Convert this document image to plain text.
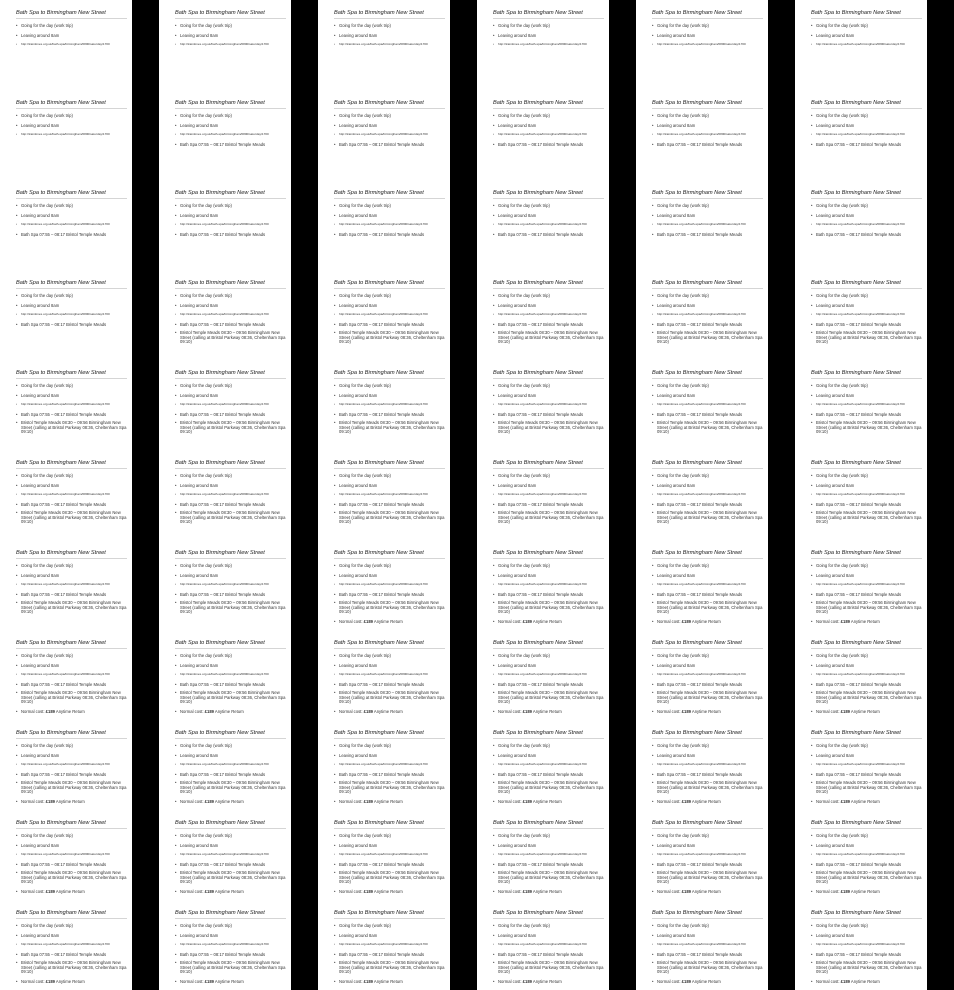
Bath Spa to Birmingham New Street
• Going for the day (work trip)
• Leaving around 8am
• http://traintimes.org.uk/bath-spa/birmingham/0800/saturday/1700
Bath Spa to Birmingham New Street
• Going for the day (work trip)
• Leaving around 8am
• http://traintimes.org.uk/bath-spa/birmingham/0800/saturday/1700
Bath Spa to Birmingham New Street
• Going for the day (work trip)
• Leaving around 8am
• http://traintimes.org.uk/bath-spa/birmingham/0800/saturday/1700
• Bath Spa 07:55 – 08:17 Bristol Temple Meads
Bath Spa to Birmingham New Street
• Going for the day (work trip)
• Leaving around 8am
• http://traintimes.org.uk/bath-spa/birmingham/0800/saturday/1700
• Bath Spa 07:55 – 08:17 Bristol Temple Meads
Bath Spa to Birmingham New Street
• Going for the day (work trip)
• Leaving around 8am
• http://traintimes.org.uk/bath-spa/birmingham/0800/saturday/1700
• Bath Spa 07:55 – 08:17 Bristol Temple Meads
• Bristol Temple Meads 08:30 – 09:56 Birmingham New Street (calling at Bristol Parkway 08:36, Cheltenham Spa 09:10)
Bath Spa to Birmingham New Street
• Going for the day (work trip)
• Leaving around 8am
• http://traintimes.org.uk/bath-spa/birmingham/0800/saturday/1700
• Bath Spa 07:55 – 08:17 Bristol Temple Meads
• Bristol Temple Meads 08:30 – 09:56 Birmingham New Street (calling at Bristol Parkway 08:36, Cheltenham Spa 09:10)
Bath Spa to Birmingham New Street
• Going for the day (work trip)
• Leaving around 8am
• http://traintimes.org.uk/bath-spa/birmingham/0800/saturday/1700
• Bath Spa 07:55 – 08:17 Bristol Temple Meads
• Bristol Temple Meads 08:30 – 09:56 Birmingham New Street (calling at Bristol Parkway 08:36, Cheltenham Spa 09:10)
Bath Spa to Birmingham New Street
• Going for the day (work trip)
• Leaving around 8am
• http://traintimes.org.uk/bath-spa/birmingham/0800/saturday/1700
• Bath Spa 07:55 – 08:17 Bristol Temple Meads
• Bristol Temple Meads 08:30 – 09:56 Birmingham New Street (calling at Bristol Parkway 08:36, Cheltenham Spa 09:10)
• Normal cost: £189 Anytime Return
Bath Spa to Birmingham New Street
• Going for the day (work trip)
• Leaving around 8am
• http://traintimes.org.uk/bath-spa/birmingham/0800/saturday/1700
• Bath Spa 07:55 – 08:17 Bristol Temple Meads
• Bristol Temple Meads 08:30 – 09:56 Birmingham New Street (calling at Bristol Parkway 08:36, Cheltenham Spa 09:10)
• Normal cost: £189 Anytime Return
Bath Spa to Birmingham New Street
• Going for the day (work trip)
• Leaving around 8am
• http://traintimes.org.uk/bath-spa/birmingham/0800/saturday/1700
• Bath Spa 07:55 – 08:17 Bristol Temple Meads
• Bristol Temple Meads 08:30 – 09:56 Birmingham New Street (calling at Bristol Parkway 08:36, Cheltenham Spa 09:10)
• Normal cost: £189 Anytime Return
Bath Spa to Birmingham New Street
• Going for the day (work trip)
• Leaving around 8am
• http://traintimes.org.uk/bath-spa/birmingham/0800/saturday/1700
• Bath Spa 07:55 – 08:17 Bristol Temple Meads
• Bristol Temple Meads 08:30 – 09:56 Birmingham New Street (calling at Bristol Parkway 08:36, Cheltenham Spa 09:10)
• Normal cost: £189 Anytime Return
Bath Spa to Birmingham New Street
• Going for the day (work trip)
• Leaving around 8am
• http://traintimes.org.uk/bath-spa/birmingham/0800/saturday/1700
Bath Spa to Birmingham New Street
• Going for the day (work trip)
• Leaving around 8am
• http://traintimes.org.uk/bath-spa/birmingham/0800/saturday/1700
• Bath Spa 07:55 – 08:17 Bristol Temple Meads
Bath Spa to Birmingham New Street
• Going for the day (work trip)
• Leaving around 8am
• http://traintimes.org.uk/bath-spa/birmingham/0800/saturday/1700
• Bath Spa 07:55 – 08:17 Bristol Temple Meads
Bath Spa to Birmingham New Street
• Going for the day (work trip)
• Leaving around 8am
• http://traintimes.org.uk/bath-spa/birmingham/0800/saturday/1700
• Bath Spa 07:55 – 08:17 Bristol Temple Meads
• Bristol Temple Meads 08:30 – 09:56 Birmingham New Street (calling at Bristol Parkway 08:36, Cheltenham Spa 09:10)
Bath Spa to Birmingham New Street
• Going for the day (work trip)
• Leaving around 8am
• http://traintimes.org.uk/bath-spa/birmingham/0800/saturday/1700
• Bath Spa 07:55 – 08:17 Bristol Temple Meads
• Bristol Temple Meads 08:30 – 09:56 Birmingham New Street (calling at Bristol Parkway 08:36, Cheltenham Spa 09:10)
Bath Spa to Birmingham New Street
• Going for the day (work trip)
• Leaving around 8am
• http://traintimes.org.uk/bath-spa/birmingham/0800/saturday/1700
• Bath Spa 07:55 – 08:17 Bristol Temple Meads
• Bristol Temple Meads 08:30 – 09:56 Birmingham New Street (calling at Bristol Parkway 08:36, Cheltenham Spa 09:10)
Bath Spa to Birmingham New Street
• Going for the day (work trip)
• Leaving around 8am
• http://traintimes.org.uk/bath-spa/birmingham/0800/saturday/1700
• Bath Spa 07:55 – 08:17 Bristol Temple Meads
• Bristol Temple Meads 08:30 – 09:56 Birmingham New Street (calling at Bristol Parkway 08:36, Cheltenham Spa 09:10)
Bath Spa to Birmingham New Street
• Going for the day (work trip)
• Leaving around 8am
• http://traintimes.org.uk/bath-spa/birmingham/0800/saturday/1700
• Bath Spa 07:55 – 08:17 Bristol Temple Meads
• Bristol Temple Meads 08:30 – 09:56 Birmingham New Street (calling at Bristol Parkway 08:36, Cheltenham Spa 09:10)
• Normal cost: £189 Anytime Return
Bath Spa to Birmingham New Street
• Going for the day (work trip)
• Leaving around 8am
• http://traintimes.org.uk/bath-spa/birmingham/0800/saturday/1700
• Bath Spa 07:55 – 08:17 Bristol Temple Meads
• Bristol Temple Meads 08:30 – 09:56 Birmingham New Street (calling at Bristol Parkway 08:36, Cheltenham Spa 09:10)
• Normal cost: £189 Anytime Return
Bath Spa to Birmingham New Street
• Going for the day (work trip)
• Leaving around 8am
• http://traintimes.org.uk/bath-spa/birmingham/0800/saturday/1700
• Bath Spa 07:55 – 08:17 Bristol Temple Meads
• Bristol Temple Meads 08:30 – 09:56 Birmingham New Street (calling at Bristol Parkway 08:36, Cheltenham Spa 09:10)
• Normal cost: £189 Anytime Return
Bath Spa to Birmingham New Street
• Going for the day (work trip)
• Leaving around 8am
• http://traintimes.org.uk/bath-spa/birmingham/0800/saturday/1700
• Bath Spa 07:55 – 08:17 Bristol Temple Meads
• Bristol Temple Meads 08:30 – 09:56 Birmingham New Street (calling at Bristol Parkway 08:36, Cheltenham Spa 09:10)
• Normal cost: £189 Anytime Return
Bath Spa to Birmingham New Street
• Going for the day (work trip)
• Leaving around 8am
• http://traintimes.org.uk/bath-spa/birmingham/0800/saturday/1700
Bath Spa to Birmingham New Street
• Going for the day (work trip)
• Leaving around 8am
• http://traintimes.org.uk/bath-spa/birmingham/0800/saturday/1700
• Bath Spa 07:55 – 08:17 Bristol Temple Meads
Bath Spa to Birmingham New Street
• Going for the day (work trip)
• Leaving around 8am
• http://traintimes.org.uk/bath-spa/birmingham/0800/saturday/1700
• Bath Spa 07:55 – 08:17 Bristol Temple Meads
Bath Spa to Birmingham New Street
• Going for the day (work trip)
• Leaving around 8am
• http://traintimes.org.uk/bath-spa/birmingham/0800/saturday/1700
• Bath Spa 07:55 – 08:17 Bristol Temple Meads
• Bristol Temple Meads 08:30 – 09:56 Birmingham New Street (calling at Bristol Parkway 08:36, Cheltenham Spa 09:10)
Bath Spa to Birmingham New Street
• Going for the day (work trip)
• Leaving around 8am
• http://traintimes.org.uk/bath-spa/birmingham/0800/saturday/1700
• Bath Spa 07:55 – 08:17 Bristol Temple Meads
• Bristol Temple Meads 08:30 – 09:56 Birmingham New Street (calling at Bristol Parkway 08:36, Cheltenham Spa 09:10)
Bath Spa to Birmingham New Street
• Going for the day (work trip)
• Leaving around 8am
• http://traintimes.org.uk/bath-spa/birmingham/0800/saturday/1700
• Bath Spa 07:55 – 08:17 Bristol Temple Meads
• Bristol Temple Meads 08:30 – 09:56 Birmingham New Street (calling at Bristol Parkway 08:36, Cheltenham Spa 09:10)
Bath Spa to Birmingham New Street
• Going for the day (work trip)
• Leaving around 8am
• http://traintimes.org.uk/bath-spa/birmingham/0800/saturday/1700
• Bath Spa 07:55 – 08:17 Bristol Temple Meads
• Bristol Temple Meads 08:30 – 09:56 Birmingham New Street (calling at Bristol Parkway 08:36, Cheltenham Spa 09:10)
• Normal cost: £189 Anytime Return
Bath Spa to Birmingham New Street
• Going for the day (work trip)
• Leaving around 8am
• http://traintimes.org.uk/bath-spa/birmingham/0800/saturday/1700
• Bath Spa 07:55 – 08:17 Bristol Temple Meads
• Bristol Temple Meads 08:30 – 09:56 Birmingham New Street (calling at Bristol Parkway 08:36, Cheltenham Spa 09:10)
• Normal cost: £189 Anytime Return
Bath Spa to Birmingham New Street
• Going for the day (work trip)
• Leaving around 8am
• http://traintimes.org.uk/bath-spa/birmingham/0800/saturday/1700
• Bath Spa 07:55 – 08:17 Bristol Temple Meads
• Bristol Temple Meads 08:30 – 09:56 Birmingham New Street (calling at Bristol Parkway 08:36, Cheltenham Spa 09:10)
• Normal cost: £189 Anytime Return
Bath Spa to Birmingham New Street
• Going for the day (work trip)
• Leaving around 8am
• http://traintimes.org.uk/bath-spa/birmingham/0800/saturday/1700
• Bath Spa 07:55 – 08:17 Bristol Temple Meads
• Bristol Temple Meads 08:30 – 09:56 Birmingham New Street (calling at Bristol Parkway 08:36, Cheltenham Spa 09:10)
• Normal cost: £189 Anytime Return
Bath Spa to Birmingham New Street
• Going for the day (work trip)
• Leaving around 8am
• http://traintimes.org.uk/bath-spa/birmingham/0800/saturday/1700
• Bath Spa 07:55 – 08:17 Bristol Temple Meads
• Bristol Temple Meads 08:30 – 09:56 Birmingham New Street (calling at Bristol Parkway 08:36, Cheltenham Spa 09:10)
• Normal cost: £189 Anytime Return
Bath Spa to Birmingham New Street
• Going for the day (work trip)
• Leaving around 8am
• http://traintimes.org.uk/bath-spa/birmingham/0800/saturday/1700
Bath Spa to Birmingham New Street
• Going for the day (work trip)
• Leaving around 8am
• http://traintimes.org.uk/bath-spa/birmingham/0800/saturday/1700
• Bath Spa 07:55 – 08:17 Bristol Temple Meads
Bath Spa to Birmingham New Street
• Going for the day (work trip)
• Leaving around 8am
• http://traintimes.org.uk/bath-spa/birmingham/0800/saturday/1700
• Bath Spa 07:55 – 08:17 Bristol Temple Meads
Bath Spa to Birmingham New Street
• Going for the day (work trip)
• Leaving around 8am
• http://traintimes.org.uk/bath-spa/birmingham/0800/saturday/1700
• Bath Spa 07:55 – 08:17 Bristol Temple Meads
• Bristol Temple Meads 08:30 – 09:56 Birmingham New Street (calling at Bristol Parkway 08:36, Cheltenham Spa 09:10)
Bath Spa to Birmingham New Street
• Going for the day (work trip)
• Leaving around 8am
• http://traintimes.org.uk/bath-spa/birmingham/0800/saturday/1700
• Bath Spa 07:55 – 08:17 Bristol Temple Meads
• Bristol Temple Meads 08:30 – 09:56 Birmingham New Street (calling at Bristol Parkway 08:36, Cheltenham Spa 09:10)
Bath Spa to Birmingham New Street
• Going for the day (work trip)
• Leaving around 8am
• http://traintimes.org.uk/bath-spa/birmingham/0800/saturday/1700
• Bath Spa 07:55 – 08:17 Bristol Temple Meads
• Bristol Temple Meads 08:30 – 09:56 Birmingham New Street (calling at Bristol Parkway 08:36, Cheltenham Spa 09:10)
Bath Spa to Birmingham New Street
• Going for the day (work trip)
• Leaving around 8am
• http://traintimes.org.uk/bath-spa/birmingham/0800/saturday/1700
• Bath Spa 07:55 – 08:17 Bristol Temple Meads
• Bristol Temple Meads 08:30 – 09:56 Birmingham New Street (calling at Bristol Parkway 08:36, Cheltenham Spa 09:10)
• Normal cost: £189 Anytime Return
Bath Spa to Birmingham New Street
• Going for the day (work trip)
• Leaving around 8am
• http://traintimes.org.uk/bath-spa/birmingham/0800/saturday/1700
• Bath Spa 07:55 – 08:17 Bristol Temple Meads
• Bristol Temple Meads 08:30 – 09:56 Birmingham New Street (calling at Bristol Parkway 08:36, Cheltenham Spa 09:10)
• Normal cost: £189 Anytime Return
Bath Spa to Birmingham New Street
• Going for the day (work trip)
• Leaving around 8am
• http://traintimes.org.uk/bath-spa/birmingham/0800/saturday/1700
• Bath Spa 07:55 – 08:17 Bristol Temple Meads
• Bristol Temple Meads 08:30 – 09:56 Birmingham New Street (calling at Bristol Parkway 08:36, Cheltenham Spa 09:10)
• Normal cost: £189 Anytime Return
Bath Spa to Birmingham New Street
• Going for the day (work trip)
• Leaving around 8am
• http://traintimes.org.uk/bath-spa/birmingham/0800/saturday/1700
• Bath Spa 07:55 – 08:17 Bristol Temple Meads
• Bristol Temple Meads 08:30 – 09:56 Birmingham New Street (calling at Bristol Parkway 08:36, Cheltenham Spa 09:10)
• Normal cost: £189 Anytime Return
Bath Spa to Birmingham New Street
• Going for the day (work trip)
• Leaving around 8am
• http://traintimes.org.uk/bath-spa/birmingham/0800/saturday/1700
• Bath Spa 07:55 – 08:17 Bristol Temple Meads
• Bristol Temple Meads 08:30 – 09:56 Birmingham New Street (calling at Bristol Parkway 08:36, Cheltenham Spa 09:10)
• Normal cost: £189 Anytime Return
Bath Spa to Birmingham New Street
• Going for the day (work trip)
• Leaving around 8am
• http://traintimes.org.uk/bath-spa/birmingham/0800/saturday/1700
Bath Spa to Birmingham New Street
• Going for the day (work trip)
• Leaving around 8am
• http://traintimes.org.uk/bath-spa/birmingham/0800/saturday/1700
• Bath Spa 07:55 – 08:17 Bristol Temple Meads
Bath Spa to Birmingham New Street
• Going for the day (work trip)
• Leaving around 8am
• http://traintimes.org.uk/bath-spa/birmingham/0800/saturday/1700
• Bath Spa 07:55 – 08:17 Bristol Temple Meads
Bath Spa to Birmingham New Street
• Going for the day (work trip)
• Leaving around 8am
• http://traintimes.org.uk/bath-spa/birmingham/0800/saturday/1700
• Bath Spa 07:55 – 08:17 Bristol Temple Meads
• Bristol Temple Meads 08:30 – 09:56 Birmingham New Street (calling at Bristol Parkway 08:36, Cheltenham Spa 09:10)
Bath Spa to Birmingham New Street
• Going for the day (work trip)
• Leaving around 8am
• http://traintimes.org.uk/bath-spa/birmingham/0800/saturday/1700
• Bath Spa 07:55 – 08:17 Bristol Temple Meads
• Bristol Temple Meads 08:30 – 09:56 Birmingham New Street (calling at Bristol Parkway 08:36, Cheltenham Spa 09:10)
Bath Spa to Birmingham New Street
• Going for the day (work trip)
• Leaving around 8am
• http://traintimes.org.uk/bath-spa/birmingham/0800/saturday/1700
• Bath Spa 07:55 – 08:17 Bristol Temple Meads
• Bristol Temple Meads 08:30 – 09:56 Birmingham New Street (calling at Bristol Parkway 08:36, Cheltenham Spa 09:10)
Bath Spa to Birmingham New Street
• Going for the day (work trip)
• Leaving around 8am
• http://traintimes.org.uk/bath-spa/birmingham/0800/saturday/1700
• Bath Spa 07:55 – 08:17 Bristol Temple Meads
• Bristol Temple Meads 08:30 – 09:56 Birmingham New Street (calling at Bristol Parkway 08:36, Cheltenham Spa 09:10)
• Normal cost: £189 Anytime Return
Bath Spa to Birmingham New Street
• Going for the day (work trip)
• Leaving around 8am
• http://traintimes.org.uk/bath-spa/birmingham/0800/saturday/1700
• Bath Spa 07:55 – 08:17 Bristol Temple Meads
• Bristol Temple Meads 08:30 – 09:56 Birmingham New Street (calling at Bristol Parkway 08:36, Cheltenham Spa 09:10)
• Normal cost: £189 Anytime Return
Bath Spa to Birmingham New Street
• Going for the day (work trip)
• Leaving around 8am
• http://traintimes.org.uk/bath-spa/birmingham/0800/saturday/1700
• Bath Spa 07:55 – 08:17 Bristol Temple Meads
• Bristol Temple Meads 08:30 – 09:56 Birmingham New Street (calling at Bristol Parkway 08:36, Cheltenham Spa 09:10)
• Normal cost: £189 Anytime Return
Bath Spa to Birmingham New Street
• Going for the day (work trip)
• Leaving around 8am
• http://traintimes.org.uk/bath-spa/birmingham/0800/saturday/1700
• Bath Spa 07:55 – 08:17 Bristol Temple Meads
• Bristol Temple Meads 08:30 – 09:56 Birmingham New Street (calling at Bristol Parkway 08:36, Cheltenham Spa 09:10)
• Normal cost: £189 Anytime Return
Bath Spa to Birmingham New Street
• Going for the day (work trip)
• Leaving around 8am
• http://traintimes.org.uk/bath-spa/birmingham/0800/saturday/1700
• Bath Spa 07:55 – 08:17 Bristol Temple Meads
• Bristol Temple Meads 08:30 – 09:56 Birmingham New Street (calling at Bristol Parkway 08:36, Cheltenham Spa 09:10)
• Normal cost: £189 Anytime Return
Bath Spa to Birmingham New Street
• Going for the day (work trip)
• Leaving around 8am
• http://traintimes.org.uk/bath-spa/birmingham/0800/saturday/1700
Bath Spa to Birmingham New Street
• Going for the day (work trip)
• Leaving around 8am
• http://traintimes.org.uk/bath-spa/birmingham/0800/saturday/1700
• Bath Spa 07:55 – 08:17 Bristol Temple Meads
Bath Spa to Birmingham New Street
• Going for the day (work trip)
• Leaving around 8am
• http://traintimes.org.uk/bath-spa/birmingham/0800/saturday/1700
• Bath Spa 07:55 – 08:17 Bristol Temple Meads
Bath Spa to Birmingham New Street
• Going for the day (work trip)
• Leaving around 8am
• http://traintimes.org.uk/bath-spa/birmingham/0800/saturday/1700
• Bath Spa 07:55 – 08:17 Bristol Temple Meads
• Bristol Temple Meads 08:30 – 09:56 Birmingham New Street (calling at Bristol Parkway 08:36, Cheltenham Spa 09:10)
Bath Spa to Birmingham New Street
• Going for the day (work trip)
• Leaving around 8am
• http://traintimes.org.uk/bath-spa/birmingham/0800/saturday/1700
• Bath Spa 07:55 – 08:17 Bristol Temple Meads
• Bristol Temple Meads 08:30 – 09:56 Birmingham New Street (calling at Bristol Parkway 08:36, Cheltenham Spa 09:10)
Bath Spa to Birmingham New Street
• Going for the day (work trip)
• Leaving around 8am
• http://traintimes.org.uk/bath-spa/birmingham/0800/saturday/1700
• Bath Spa 07:55 – 08:17 Bristol Temple Meads
• Bristol Temple Meads 08:30 – 09:56 Birmingham New Street (calling at Bristol Parkway 08:36, Cheltenham Spa 09:10)
Bath Spa to Birmingham New Street
• Going for the day (work trip)
• Leaving around 8am
• http://traintimes.org.uk/bath-spa/birmingham/0800/saturday/1700
• Bath Spa 07:55 – 08:17 Bristol Temple Meads
• Bristol Temple Meads 08:30 – 09:56 Birmingham New Street (calling at Bristol Parkway 08:36, Cheltenham Spa 09:10)
• Normal cost: £189 Anytime Return
Bath Spa to Birmingham New Street
• Going for the day (work trip)
• Leaving around 8am
• http://traintimes.org.uk/bath-spa/birmingham/0800/saturday/1700
• Bath Spa 07:55 – 08:17 Bristol Temple Meads
• Bristol Temple Meads 08:30 – 09:56 Birmingham New Street (calling at Bristol Parkway 08:36, Cheltenham Spa 09:10)
• Normal cost: £189 Anytime Return
Bath Spa to Birmingham New Street
• Going for the day (work trip)
• Leaving around 8am
• http://traintimes.org.uk/bath-spa/birmingham/0800/saturday/1700
• Bath Spa 07:55 – 08:17 Bristol Temple Meads
• Bristol Temple Meads 08:30 – 09:56 Birmingham New Street (calling at Bristol Parkway 08:36, Cheltenham Spa 09:10)
• Normal cost: £189 Anytime Return
Bath Spa to Birmingham New Street
• Going for the day (work trip)
• Leaving around 8am
• http://traintimes.org.uk/bath-spa/birmingham/0800/saturday/1700
• Bath Spa 07:55 – 08:17 Bristol Temple Meads
• Bristol Temple Meads 08:30 – 09:56 Birmingham New Street (calling at Bristol Parkway 08:36, Cheltenham Spa 09:10)
• Normal cost: £189 Anytime Return
Bath Spa to Birmingham New Street
• Going for the day (work trip)
• Leaving around 8am
• http://traintimes.org.uk/bath-spa/birmingham/0800/saturday/1700
• Bath Spa 07:55 – 08:17 Bristol Temple Meads
• Bristol Temple Meads 08:30 – 09:56 Birmingham New Street (calling at Bristol Parkway 08:36, Cheltenham Spa 09:10)
• Normal cost: £189 Anytime Return
